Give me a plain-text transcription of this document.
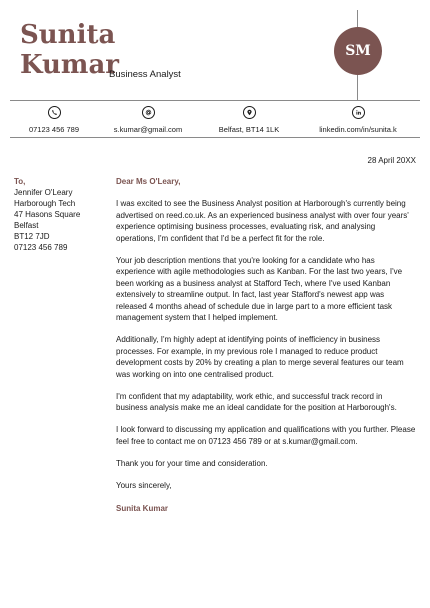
Sunita
Kumar
Business Analyst
SM
07123 456 789	s.kumar@gmail.com	Belfast, BT14 1LK	linkedin.com/in/sunita.k
28 April 20XX
To,
Jennifer O'Leary
Harborough Tech
47 Hasons Square
Belfast
BT12 7JD
07123 456 789
Dear Ms O'Leary,

I was excited to see the Business Analyst position at Harborough's currently being advertised on reed.co.uk. As an experienced business analyst with over four years' experience optimising business processes, evaluating risk, and analysing operations, I'm confident that I'd be a perfect fit for the role.

Your job description mentions that you're looking for a candidate who has experience with agile methodologies such as Kanban. For the last two years, I've been working as a business analyst at Stafford Tech, where I've used Kanban extensively to streamline output. In fact, last year Stafford's newest app was released 4 months ahead of schedule due in large part to a more efficient task management system that I helped implement.

Additionally, I'm highly adept at identifying points of inefficiency in business processes. For example, in my previous role I managed to reduce product development costs by 20% by creating a plan to merge several features our team was working on into one centralised product.

I'm confident that my adaptability, work ethic, and successful track record in business analysis make me an ideal candidate for the position at Harborough's.

I look forward to discussing my application and qualifications with you further. Please feel free to contact me on 07123 456 789 or at s.kumar@gmail.com.

Thank you for your time and consideration.

Yours sincerely,

Sunita Kumar
